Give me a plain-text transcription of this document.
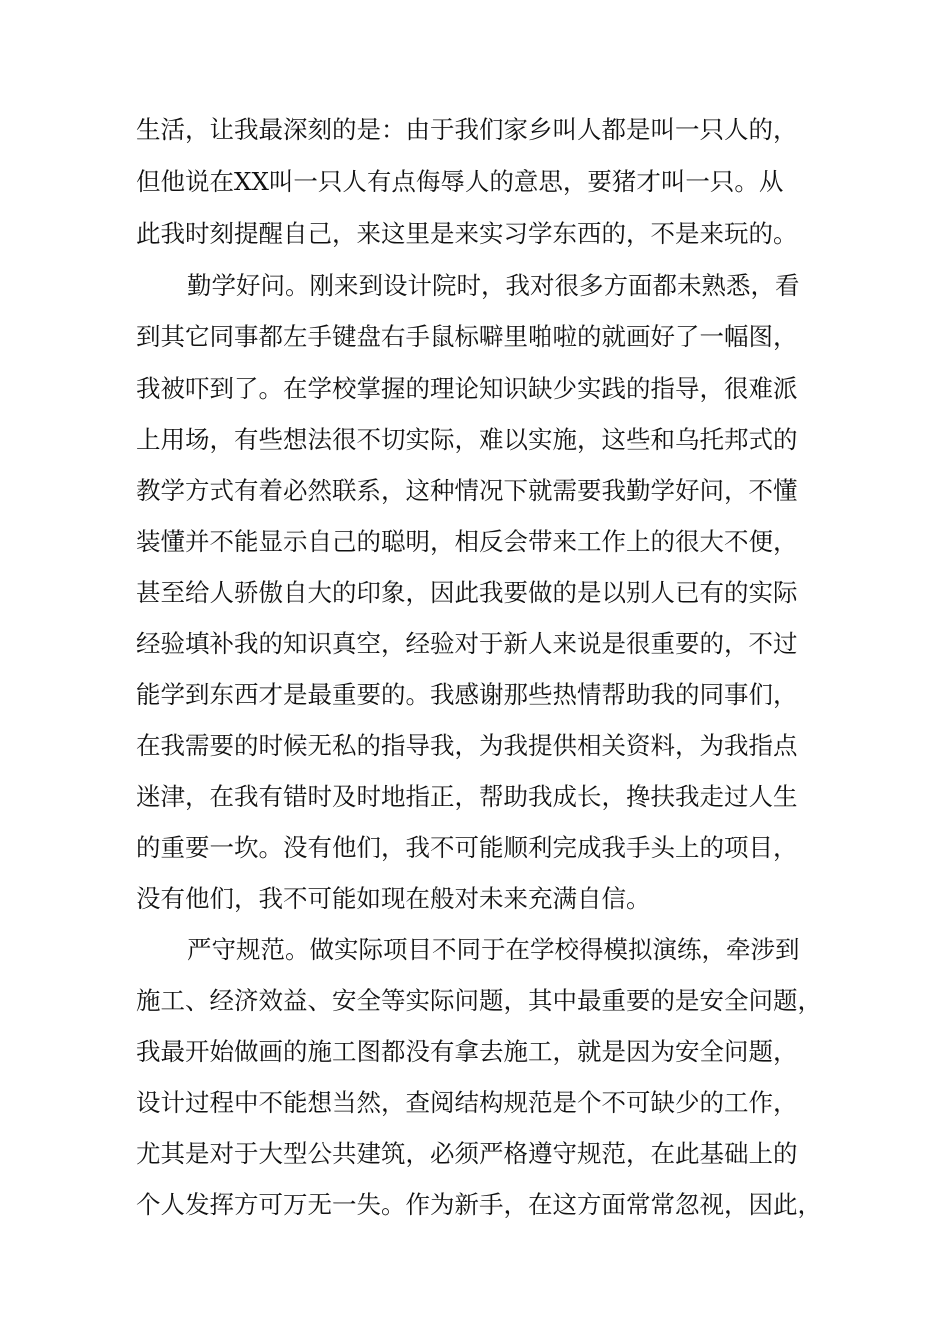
生活，让我最深刻的是：由于我们家乡叫人都是叫一只人的，
但他说在XX叫一只人有点侮辱人的意思，要猪才叫一只。从
此我时刻提醒自己，来这里是来实习学东西的，不是来玩的。
勤学好问。刚来到设计院时，我对很多方面都未熟悉，看
到其它同事都左手键盘右手鼠标噼里啪啦的就画好了一幅图，
我被吓到了。在学校掌握的理论知识缺少实践的指导，很难派
上用场，有些想法很不切实际，难以实施，这些和乌托邦式的
教学方式有着必然联系，这种情况下就需要我勤学好问，不懂
装懂并不能显示自己的聪明，相反会带来工作上的很大不便，
甚至给人骄傲自大的印象，因此我要做的是以别人已有的实际
经验填补我的知识真空，经验对于新人来说是很重要的，不过
能学到东西才是最重要的。我感谢那些热情帮助我的同事们，
在我需要的时候无私的指导我，为我提供相关资料，为我指点
迷津，在我有错时及时地指正，帮助我成长，搀扶我走过人生
的重要一坎。没有他们，我不可能顺利完成我手头上的项目，
没有他们，我不可能如现在般对未来充满自信。
严守规范。做实际项目不同于在学校得模拟演练，牵涉到
施工、经济效益、安全等实际问题，其中最重要的是安全问题，
我最开始做画的施工图都没有拿去施工，就是因为安全问题，
设计过程中不能想当然，查阅结构规范是个不可缺少的工作，
尤其是对于大型公共建筑，必须严格遵守规范，在此基础上的
个人发挥方可万无一失。作为新手，在这方面常常忽视，因此，
